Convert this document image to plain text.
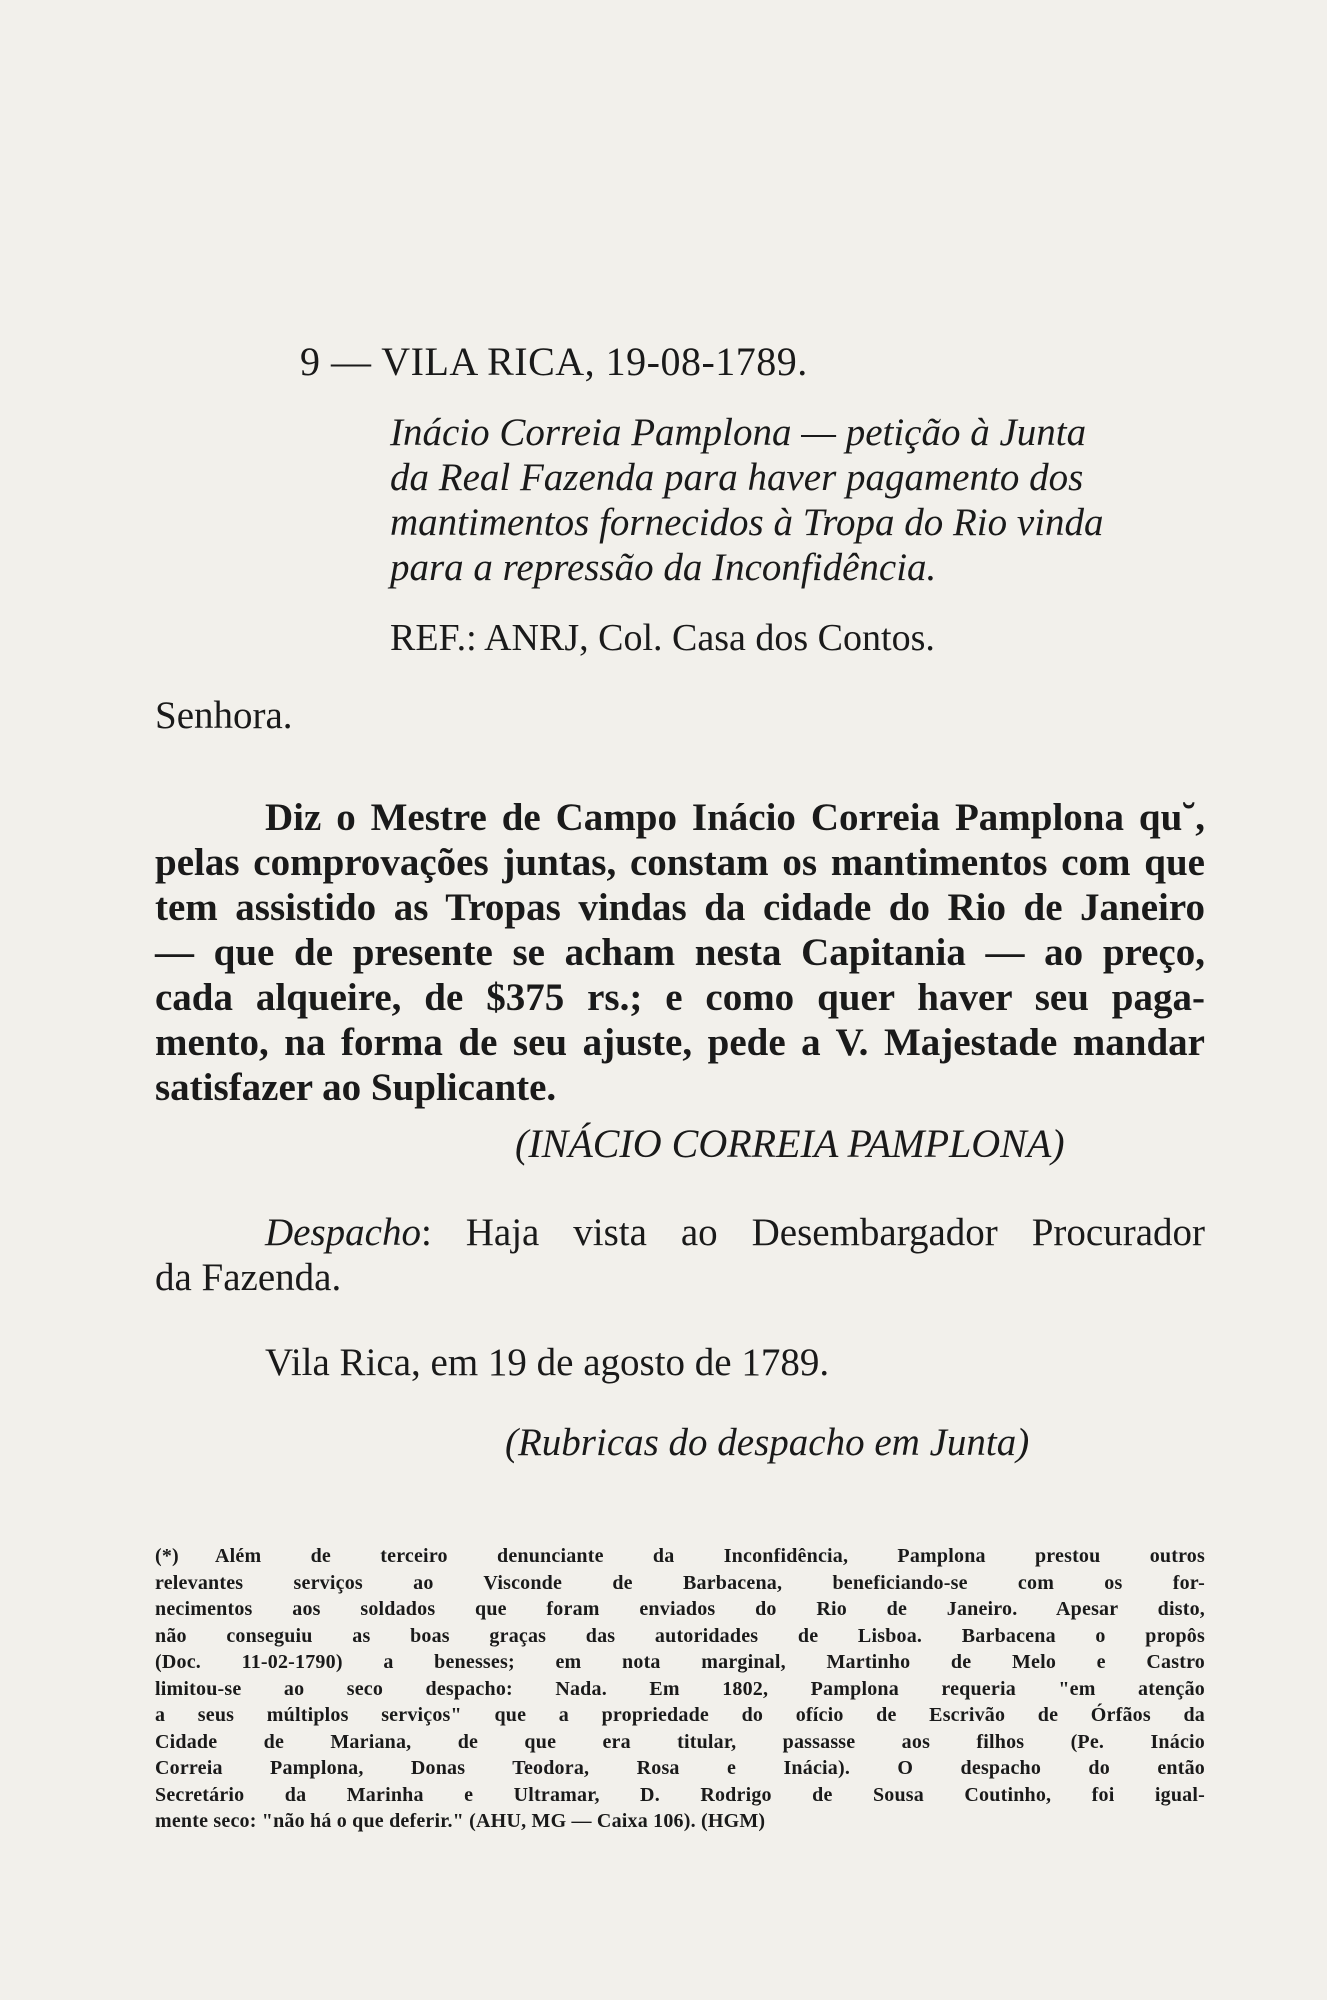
9 — VILA RICA, 19-08-1789.
Inácio Correia Pamplona — petição à Junta
da Real Fazenda para haver pagamento dos
mantimentos fornecidos à Tropa do Rio vinda
para a repressão da Inconfidência.
REF.: ANRJ, Col. Casa dos Contos.
Senhora.
Diz o Mestre de Campo Inácio Correia Pamplona qu˘,
pelas comprovações juntas, constam os mantimentos com que
tem assistido as Tropas vindas da cidade do Rio de Janeiro
— que de presente se acham nesta Capitania — ao preço,
cada alqueire, de $375 rs.; e como quer haver seu paga-
mento, na forma de seu ajuste, pede a V. Majestade mandar
satisfazer ao Suplicante.
(INÁCIO CORREIA PAMPLONA)
Despacho: Haja vista ao Desembargador Procurador
da Fazenda.
Vila Rica, em 19 de agosto de 1789.
(Rubricas do despacho em Junta)
(*) Além de terceiro denunciante da Inconfidência, Pamplona prestou outros
relevantes serviços ao Visconde de Barbacena, beneficiando-se com os for-
necimentos aos soldados que foram enviados do Rio de Janeiro. Apesar disto,
não conseguiu as boas graças das autoridades de Lisboa. Barbacena o propôs
(Doc. 11-02-1790) a benesses; em nota marginal, Martinho de Melo e Castro
limitou-se ao seco despacho: Nada. Em 1802, Pamplona requeria "em atenção
a seus múltiplos serviços" que a propriedade do ofício de Escrivão de Órfãos da
Cidade de Mariana, de que era titular, passasse aos filhos (Pe. Inácio
Correia Pamplona, Donas Teodora, Rosa e Inácia). O despacho do então
Secretário da Marinha e Ultramar, D. Rodrigo de Sousa Coutinho, foi igual-
mente seco: "não há o que deferir." (AHU, MG — Caixa 106). (HGM)
